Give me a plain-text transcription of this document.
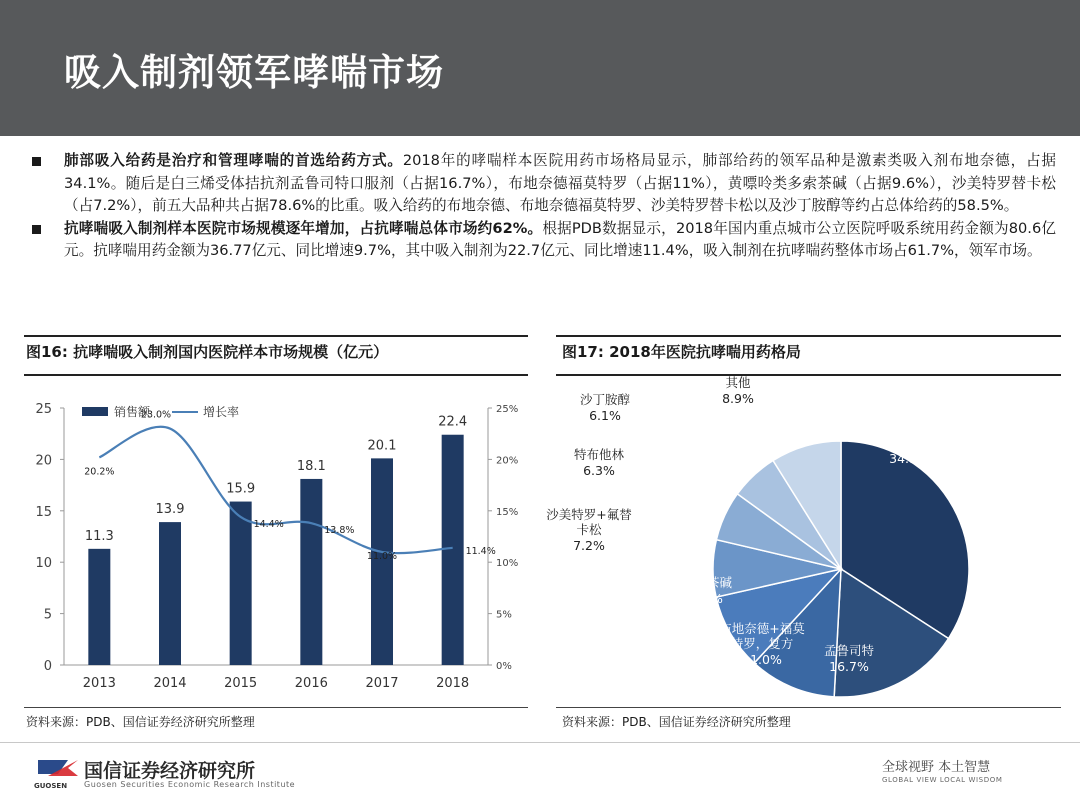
吸入制剂领军哮喘市场
肺部吸入给药是治疗和管理哮喘的首选给药方式。2018年的哮喘样本医院用药市场格局显示，肺部给药的领军品种是激素类吸入剂布地奈德，占据34.1%。随后是白三烯受体拮抗剂孟鲁司特口服剂（占据16.7%），布地奈德福莫特罗（占据11%），黄嘌呤类多索茶碱（占据9.6%），沙美特罗替卡松（占7.2%），前五大品种共占据78.6%的比重。吸入给药的布地奈德、布地奈德福莫特罗、沙美特罗替卡松以及沙丁胺醇等约占总体给药的58.5%。
抗哮喘吸入制剂样本医院市场规模逐年增加，占抗哮喘总体市场约62%。根据PDB数据显示，2018年国内重点城市公立医院呼吸系统用药金额为80.6亿元。抗哮喘用药金额为36.77亿元、同比增速9.7%，其中吸入制剂为22.7亿元、同比增速11.4%，吸入制剂在抗哮喘药整体市场占61.7%，领军市场。
图16: 抗哮喘吸入制剂国内医院样本市场规模（亿元）
资料来源：PDB、国信证券经济研究所整理
0	0%
5	5%
10	10%
15	15%
20	20%
25	25%
11.3
2013
13.9
2014
15.9
2015
18.1
2016
20.1
2017
22.4
2018
20.2%
23.0%
14.4%
13.8%
11.0%	11.4%
销售额	增长率
图17: 2018年医院抗哮喘用药格局
资料来源：PDB、国信证券经济研究所整理
布地奈德 34.1%
孟鲁司特 16.7%
布地奈德+福莫特罗，复方 11.0%
多索茶碱 9.6%
沙美特罗+氟替卡松 7.2%
特布他林 6.3%
沙丁胺醇 6.1%
其他 8.9%
GUOSEN
国信证券经济研究所
Guosen Securities Economic Research Institute
全球视野 本土智慧
GLOBAL VIEW LOCAL WISDOM
